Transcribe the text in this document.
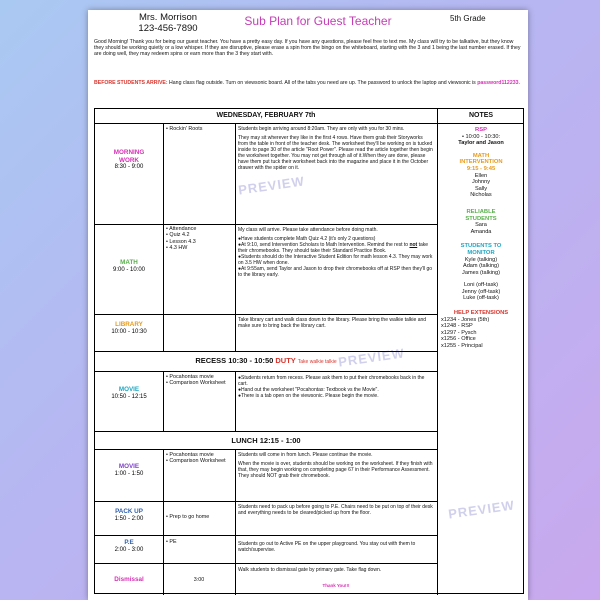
PREVIEW
PREVIEW
PREVIEW
Mrs. Morrison
123-456-7890
Sub Plan for Guest Teacher	5th Grade
Good Morning! Thank you for being our guest teacher. You have a pretty easy day. If you have any questions, please feel free to text me. My class will try to be talkative, but they know they should be working quietly or a low whisper. If they are disruptive, please erase a spin from the bingo on the whiteboard, starting with the 3 and 1 being the last number erased. If they are doing well, they may redeem spins or earn more than the 3 they start with.
BEFORE STUDENTS ARRIVE: Hang class flag outside. Turn on viewsonic board. All of the tabs you need are up. The password to unlock the laptop and viewsonic is password112233.
WEDNESDAY, FEBRUARY 7th	NOTES
MORNING
WORK
8:30 - 9:00
• Rockin' Roots	Students begin arriving around 8:20am. They are only with you for 30 mins.

They may sit wherever they like in the first 4 rows. Have them grab their Storyworks from the table in front of the teacher desk. The worksheet they'll be working on is tucked inside to page 30 of the article "Root Power". Please read the article together then begin the worksheet together. You may not get through all of it.When they are done, please have them put tuck their worksheet back into the magazine and place it in the October drawer with the spider on it.

MATH
9:00 - 10:00
• Attendance
• Quiz 4.2
• Lesson 4.3
• 4.3 HW

My class will arrive. Please take attendance before doing math.

●Have students complete Math Quiz 4.2 (it's only 2 questions)
●At 9:10, send Intervention Scholars to Math Intervention. Remind the rest to not take their chromebooks. They should take their Standard Practice Book.
●Students should do the Interactive Student Edition for math lesson 4.3. They may work on 3.5 HW when done.
●At 9:55am, send Taylor and Jason to drop their chromebooks off at RSP then they'll go to the library early.
LIBRARY
10:00 - 10:30
Take library cart and walk class down to the library. Please bring the walkie talkie and make sure to bring back the library cart.
RECESS 10:30 - 10:50 DUTY Take walkie talkie
MOVIE
10:50 - 12:15
• Pocahontas movie
• Comparison Worksheet
●Students return from recess. Please ask them to put their chromebooks back in the cart.
●Hand out the worksheet "Pocahontas: Textbook vs the Movie".
●There is a tab open on the viewsonic. Please begin the movie.
LUNCH 12:15 - 1:00
MOVIE
1:00 - 1:50
• Pocahontas movie
• Comparison Worksheet

Students will come in from lunch. Please continue the movie.

When the movie is over, students should be working on the worksheet. If they finish with that, they may begin working on completing page 67 in their Performance Assessment. They should NOT grab their chromebook.

PACK UP
1:50 - 2:00
•	Prep to go home
Students need to pack up before going to P.E. Chairs need to be put on top of their desk and everything needs to be cleared/picked up from the floor.
P.E
2:00 - 3:00
• PE	Students go out to Active PE on the upper playground. You stay out with them to watch/supervise.
Dismissal	3:00
Walk students to dismissal gate by primary gate. Take flag down.
Thank You!!!
RSP
• 10:00 - 10:30:
Taylor and Jason
MATH
INTERVENTION
9:15 - 9:45
Ellen
Johnny
Sally
Nicholas
RELIABLE
STUDENTS
Sara
Amanda
STUDENTS TO
MONITOR
Kyle (talking)
Adam (talking)
James (talking)
Loni (off-task)
Jenny (off-task)
Luke (off-task)
HELP EXTENSIONS
x1234 - Jones (5th)
x1248 - RSP
x1297 - Pysch
x1256 - Office
x1255 - Principal
